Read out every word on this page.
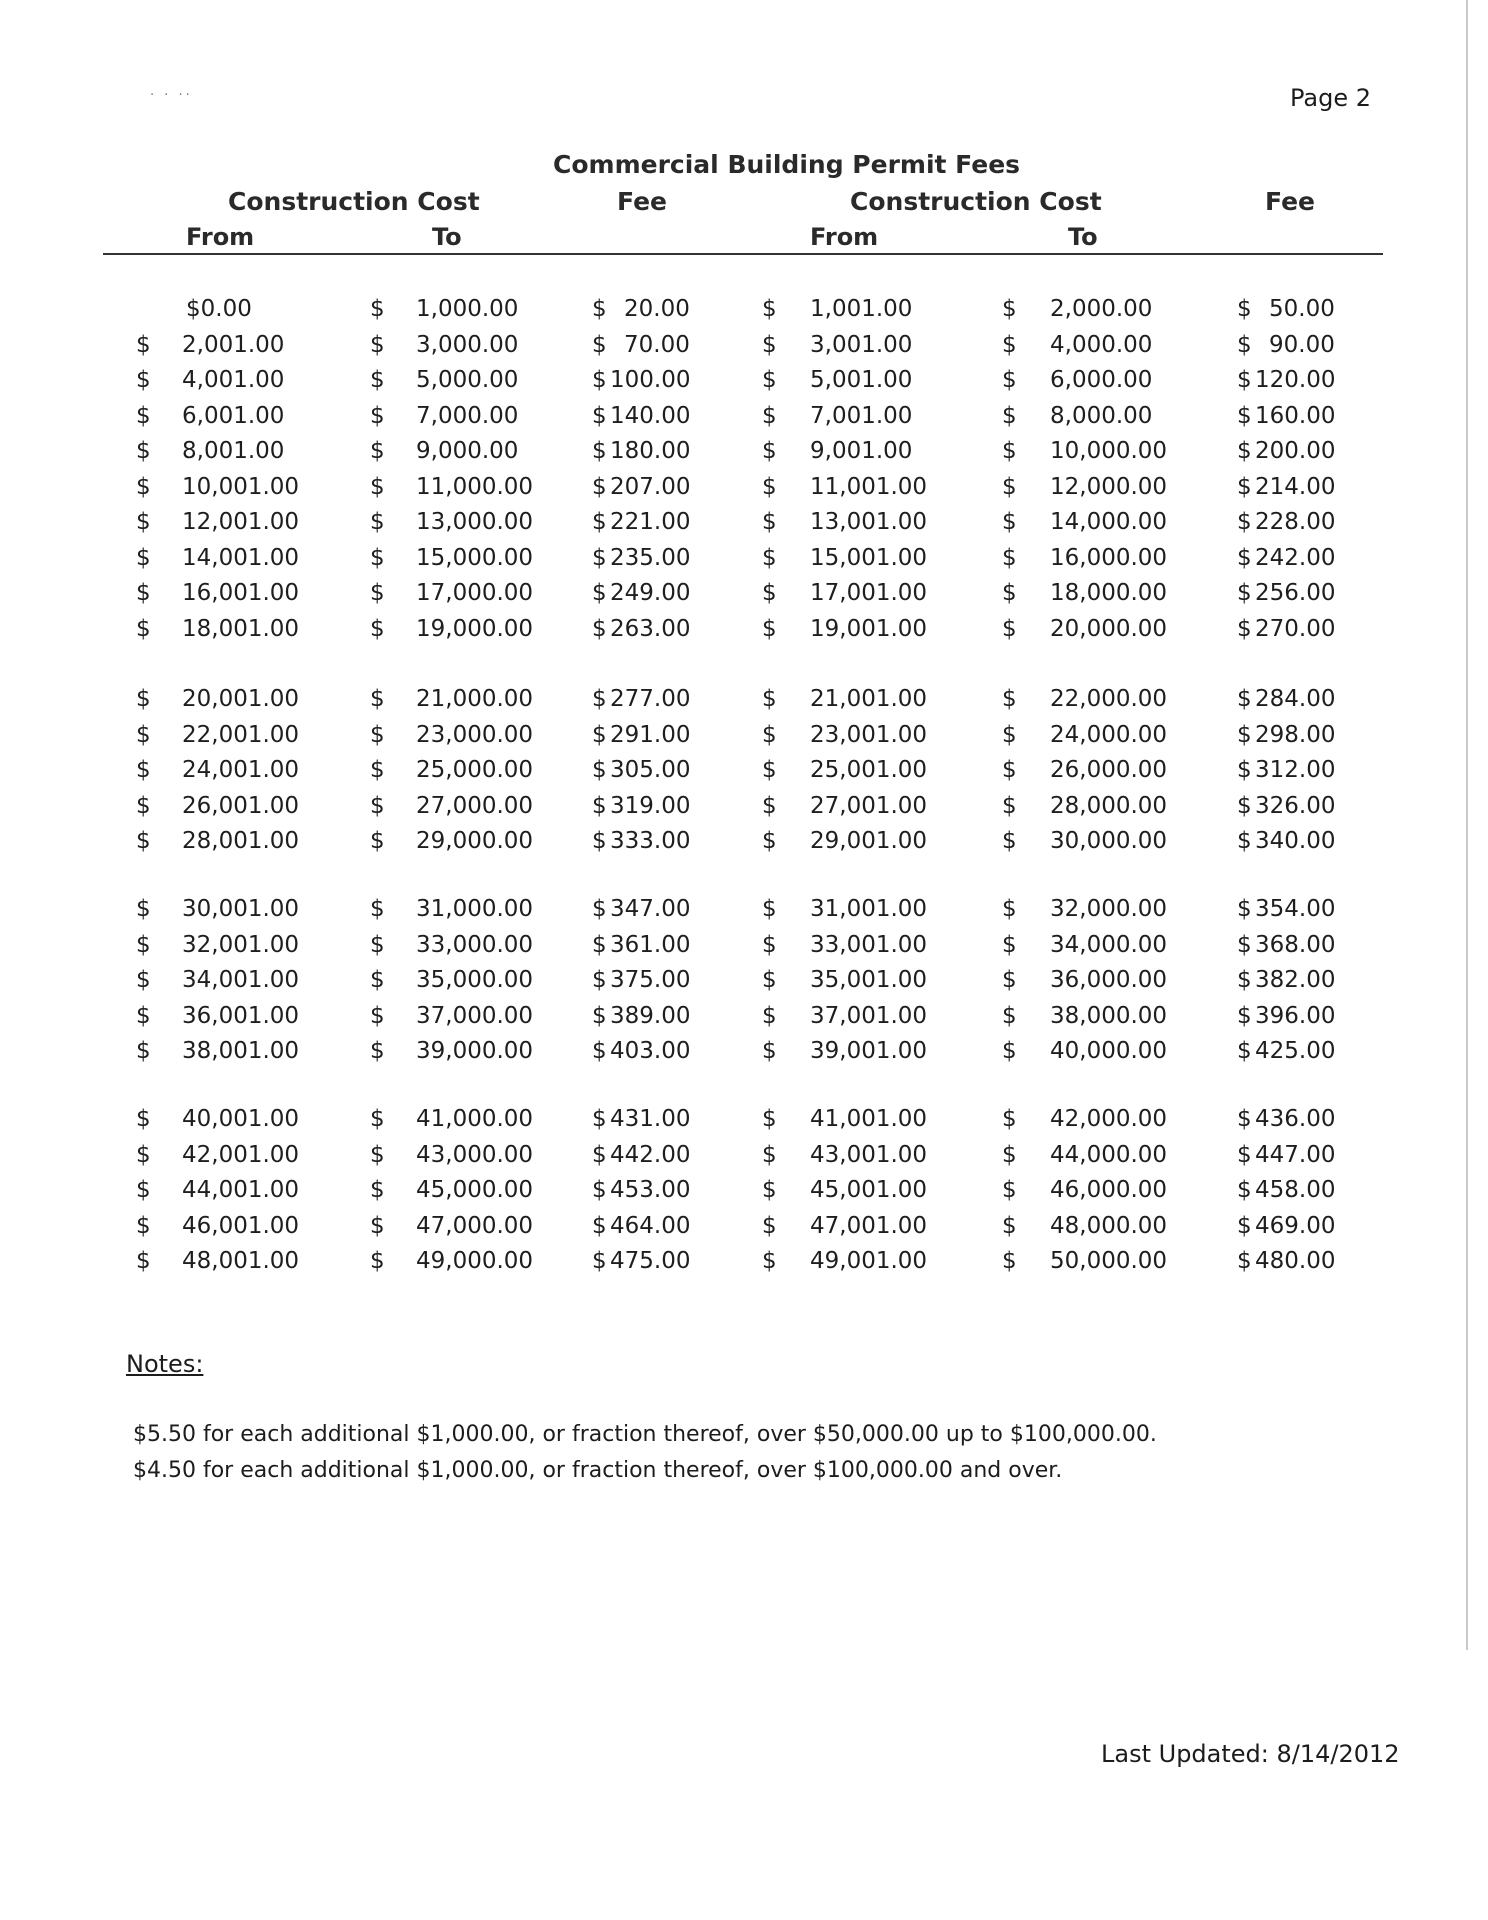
· · ··	Page 2
Commercial Building Permit Fees
Construction Cost	Fee	Construction Cost	Fee
From	To	From	To
$0.00	$ 1,000.00	$ 20.00	$ 1,001.00	$ 2,000.00	$ 50.00
$ 2,001.00	$ 3,000.00	$ 70.00	$ 3,001.00	$ 4,000.00	$ 90.00
$ 4,001.00	$ 5,000.00	$ 100.00	$ 5,001.00	$ 6,000.00	$ 120.00
$ 6,001.00	$ 7,000.00	$ 140.00	$ 7,001.00	$ 8,000.00	$ 160.00
$ 8,001.00	$ 9,000.00	$ 180.00	$ 9,001.00	$ 10,000.00	$ 200.00
$ 10,001.00	$ 11,000.00	$ 207.00	$ 11,001.00	$ 12,000.00	$ 214.00
$ 12,001.00	$ 13,000.00	$ 221.00	$ 13,001.00	$ 14,000.00	$ 228.00
$ 14,001.00	$ 15,000.00	$ 235.00	$ 15,001.00	$ 16,000.00	$ 242.00
$ 16,001.00	$ 17,000.00	$ 249.00	$ 17,001.00	$ 18,000.00	$ 256.00
$ 18,001.00	$ 19,000.00	$ 263.00	$ 19,001.00	$ 20,000.00	$ 270.00
$ 20,001.00	$ 21,000.00	$ 277.00	$ 21,001.00	$ 22,000.00	$ 284.00
$ 22,001.00	$ 23,000.00	$ 291.00	$ 23,001.00	$ 24,000.00	$ 298.00
$ 24,001.00	$ 25,000.00	$ 305.00	$ 25,001.00	$ 26,000.00	$ 312.00
$ 26,001.00	$ 27,000.00	$ 319.00	$ 27,001.00	$ 28,000.00	$ 326.00
$ 28,001.00	$ 29,000.00	$ 333.00	$ 29,001.00	$ 30,000.00	$ 340.00
$ 30,001.00	$ 31,000.00	$ 347.00	$ 31,001.00	$ 32,000.00	$ 354.00
$ 32,001.00	$ 33,000.00	$ 361.00	$ 33,001.00	$ 34,000.00	$ 368.00
$ 34,001.00	$ 35,000.00	$ 375.00	$ 35,001.00	$ 36,000.00	$ 382.00
$ 36,001.00	$ 37,000.00	$ 389.00	$ 37,001.00	$ 38,000.00	$ 396.00
$ 38,001.00	$ 39,000.00	$ 403.00	$ 39,001.00	$ 40,000.00	$ 425.00
$ 40,001.00	$ 41,000.00	$ 431.00	$ 41,001.00	$ 42,000.00	$ 436.00
$ 42,001.00	$ 43,000.00	$ 442.00	$ 43,001.00	$ 44,000.00	$ 447.00
$ 44,001.00	$ 45,000.00	$ 453.00	$ 45,001.00	$ 46,000.00	$ 458.00
$ 46,001.00	$ 47,000.00	$ 464.00	$ 47,001.00	$ 48,000.00	$ 469.00
$ 48,001.00	$ 49,000.00	$ 475.00	$ 49,001.00	$ 50,000.00	$ 480.00
Notes:
$5.50 for each additional $1,000.00, or fraction thereof, over $50,000.00 up to $100,000.00.
$4.50 for each additional $1,000.00, or fraction thereof, over $100,000.00 and over.
Last Updated: 8/14/2012
